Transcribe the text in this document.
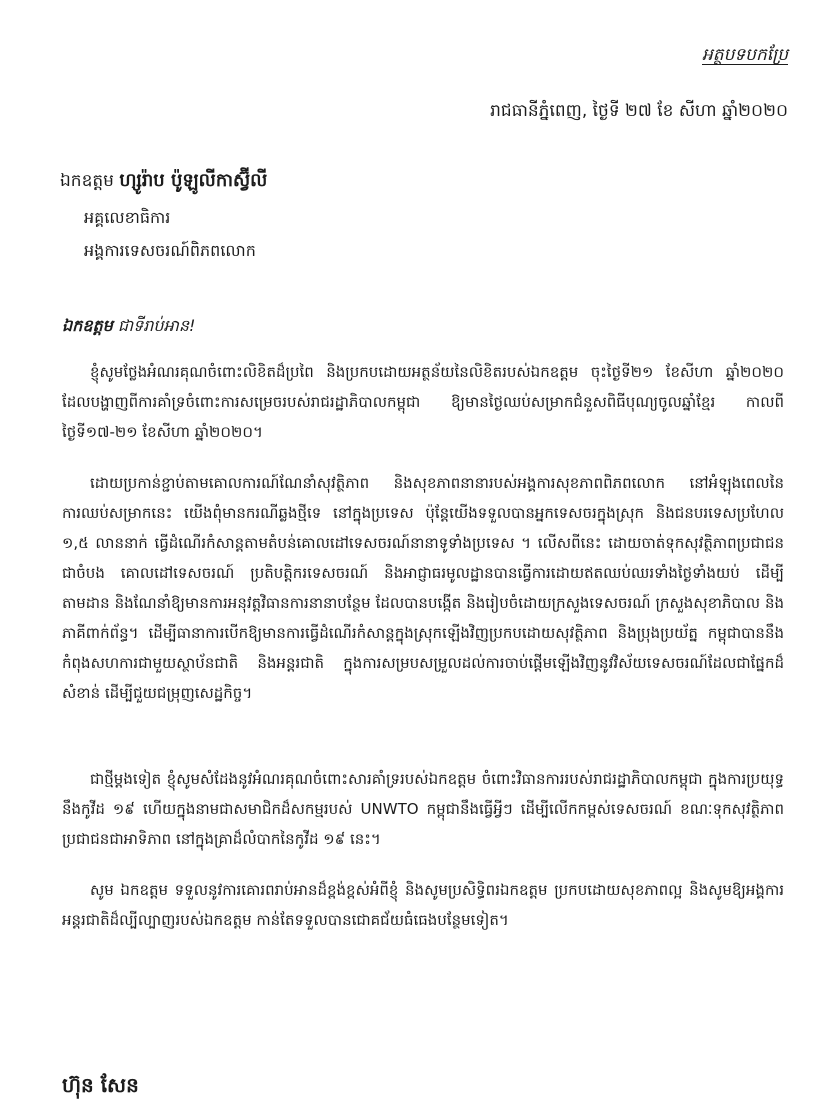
អត្ថបទបកប្រែ
រាជធានីភ្នំពេញ, ថ្ងៃទី ២៧ ខែ សីហា ឆ្នាំ២០២០
ឯកឧត្តម ហ្សូរ៉ាប ប៉ូឡូលីកាស្វ៊ីលី
អគ្គលេខាធិការ
អង្គការទេសចរណ៍ពិភពលោក
ឯកឧត្តម ជាទីរាប់អាន!
ខ្ញុំសូមថ្លែងអំណរគុណចំពោះលិខិតដ៏ប្រពៃ និងប្រកបដោយអត្ថន័យនៃលិខិតរបស់ឯកឧត្តម ចុះថ្ងៃទី២១ ខែសីហា ឆ្នាំ២០២០ ដែលបង្ហាញពីការគាំទ្រចំពោះការសម្រេចរបស់រាជរដ្ឋាភិបាលកម្ពុជា ឱ្យមានថ្ងៃឈប់សម្រាកជំនួសពិធីបុណ្យចូលឆ្នាំខ្មែរ កាលពីថ្ងៃទី១៧-២១ ខែសីហា ឆ្នាំ២០២០។
ដោយប្រកាន់ខ្ជាប់តាមគោលការណ៍ណែនាំសុវត្ថិភាព និងសុខភាពនានារបស់អង្គការសុខភាពពិភពលោក នៅអំឡុងពេលនៃការឈប់សម្រាកនេះ យើងពុំមានករណីឆ្លងថ្មីទេ នៅក្នុងប្រទេស ប៉ុន្តែយើងទទួលបានអ្នកទេសចរក្នុងស្រុក និងជនបរទេសប្រហែល ១,៥ លាននាក់ ធ្វើដំណើរកំសាន្តតាមតំបន់គោលដៅទេសចរណ៍នានាទូទាំងប្រទេស ។ លើសពីនេះ ដោយចាត់ទុកសុវត្ថិភាពប្រជាជនជាចំបង គោលដៅទេសចរណ៍ ប្រតិបត្តិករទេសចរណ៍ និងអាជ្ញាធរមូលដ្ឋានបានធ្វើការដោយឥតឈប់ឈរទាំងថ្ងៃទាំងយប់ ដើម្បីតាមដាន និងណែនាំឱ្យមានការអនុវត្តវិធានការនានាបន្ថែម ដែលបានបង្កើត និងរៀបចំដោយក្រសួងទេសចរណ៍ ក្រសួងសុខាភិបាល និងភាគីពាក់ព័ន្ធ។ ដើម្បីធានាការបើកឱ្យមានការធ្វើដំណើរកំសាន្តក្នុងស្រុកឡើងវិញប្រកបដោយសុវត្ថិភាព និងប្រុងប្រយ័ត្ន កម្ពុជាបាននឹងកំពុងសហការជាមួយស្ថាប័នជាតិ និងអន្តរជាតិ ក្នុងការសម្របសម្រួលដល់ការចាប់ផ្តើមឡើងវិញនូវវិស័យទេសចរណ៍ដែលជាផ្នែកដ៏សំខាន់ ដើម្បីជួយជម្រុញសេដ្ឋកិច្ច។
ជាថ្មីម្តងទៀត ខ្ញុំសូមសំដែងនូវអំណរគុណចំពោះសារគាំទ្ររបស់ឯកឧត្តម ចំពោះវិធានការរបស់រាជរដ្ឋាភិបាលកម្ពុជា ក្នុងការប្រយុទ្ធនឹងកូវីដ ១៩ ហើយក្នុងនាមជាសមាជិកដ៏សកម្មរបស់ UNWTO កម្ពុជានឹងធ្វើអ្វីៗ ដើម្បីលើកកម្ពស់ទេសចរណ៍ ខណៈទុកសុវត្ថិភាពប្រជាជនជាអាទិភាព នៅក្នុងគ្រាដ៏លំបាកនៃកូវីដ ១៩ នេះ។
សូម ឯកឧត្តម ទទួលនូវការគោរពរាប់អានដ៏ខ្ពង់ខ្ពស់អំពីខ្ញុំ និងសូមប្រសិទ្ធិពរឯកឧត្តម ប្រកបដោយសុខភាពល្អ និងសូមឱ្យអង្គការអន្តរជាតិដ៏ល្បីល្បាញរបស់ឯកឧត្តម កាន់តែទទួលបានជោគជ័យធំធេងបន្ថែមទៀត។
ហ៊ុន សែន
